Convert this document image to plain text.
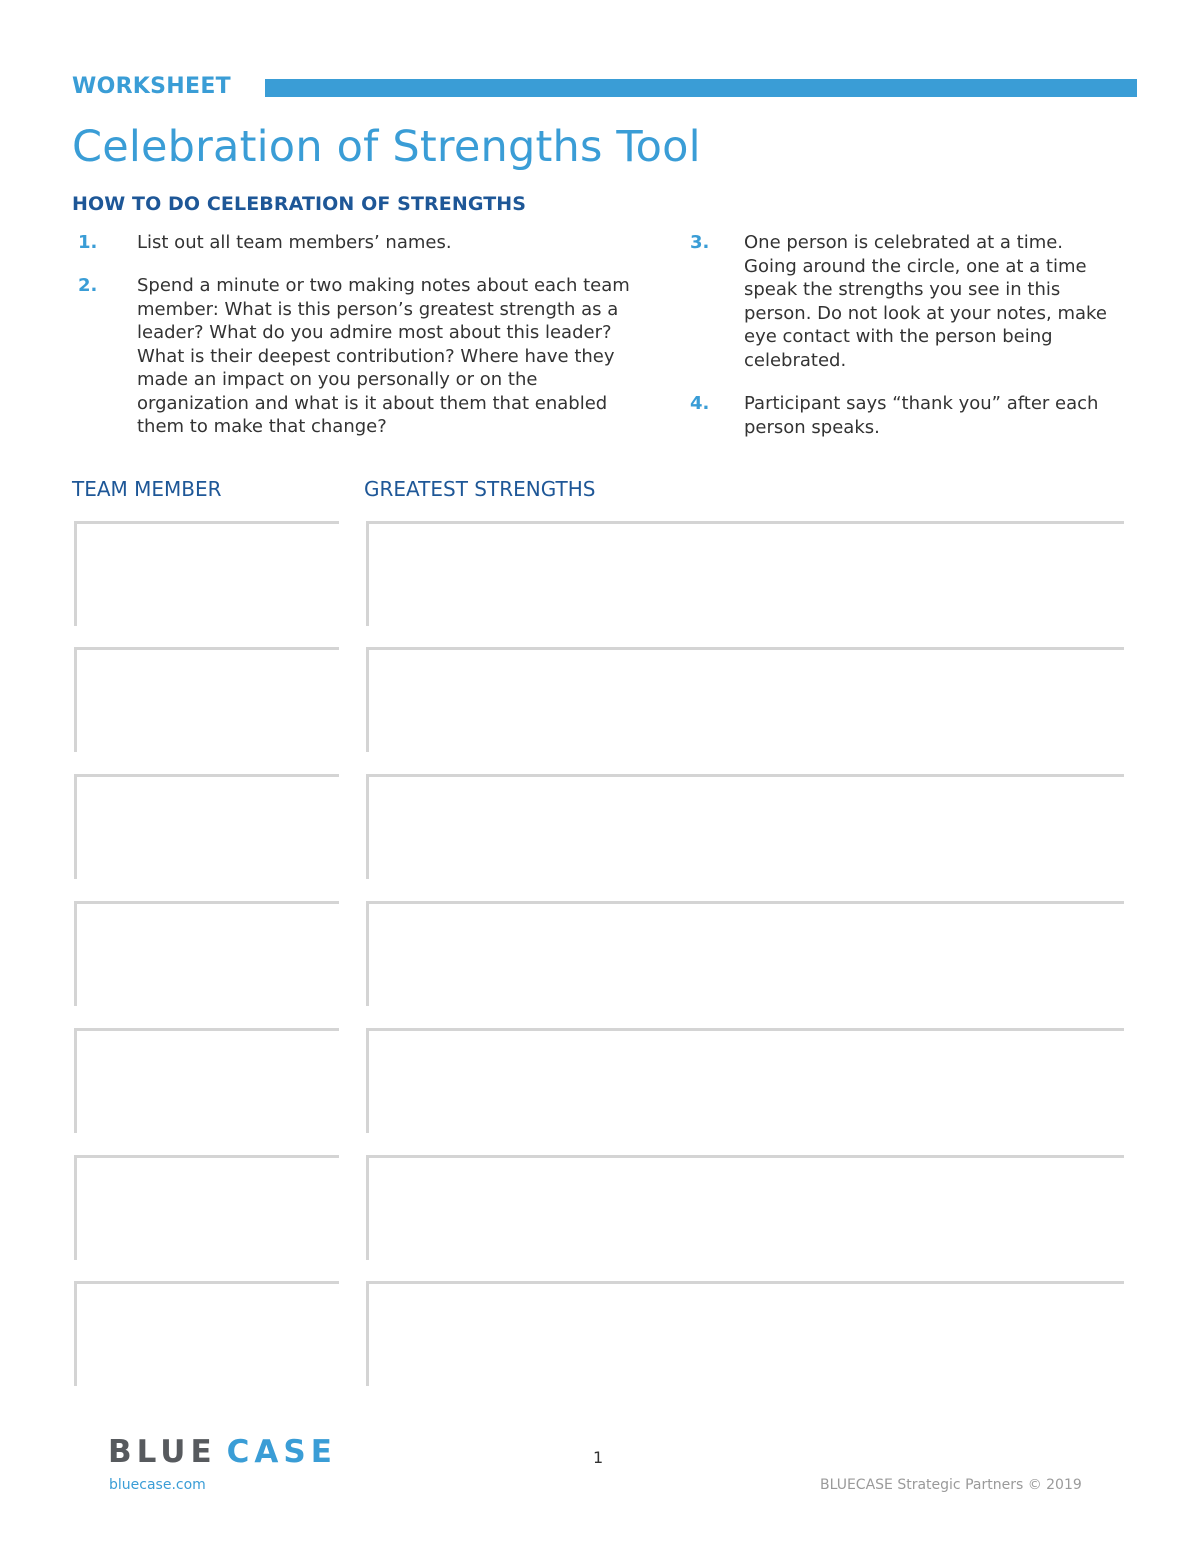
WORKSHEET
Celebration of Strengths Tool
HOW TO DO CELEBRATION OF STRENGTHS
1.	List out all team members’ names.
2.	Spend a minute or two making notes about each team
member: What is this person’s greatest strength as a
leader? What do you admire most about this leader?
What is their deepest contribution? Where have they
made an impact on you personally or on the
organization and what is it about them that enabled
them to make that change?
3.	One person is celebrated at a time.
Going around the circle, one at a time
speak the strengths you see in this
person. Do not look at your notes, make
eye contact with the person being
celebrated.
4.	Participant says “thank you” after each
person speaks.
TEAM MEMBER	GREATEST STRENGTHS
BLUE CASE
bluecase.com
1
BLUECASE Strategic Partners © 2019
